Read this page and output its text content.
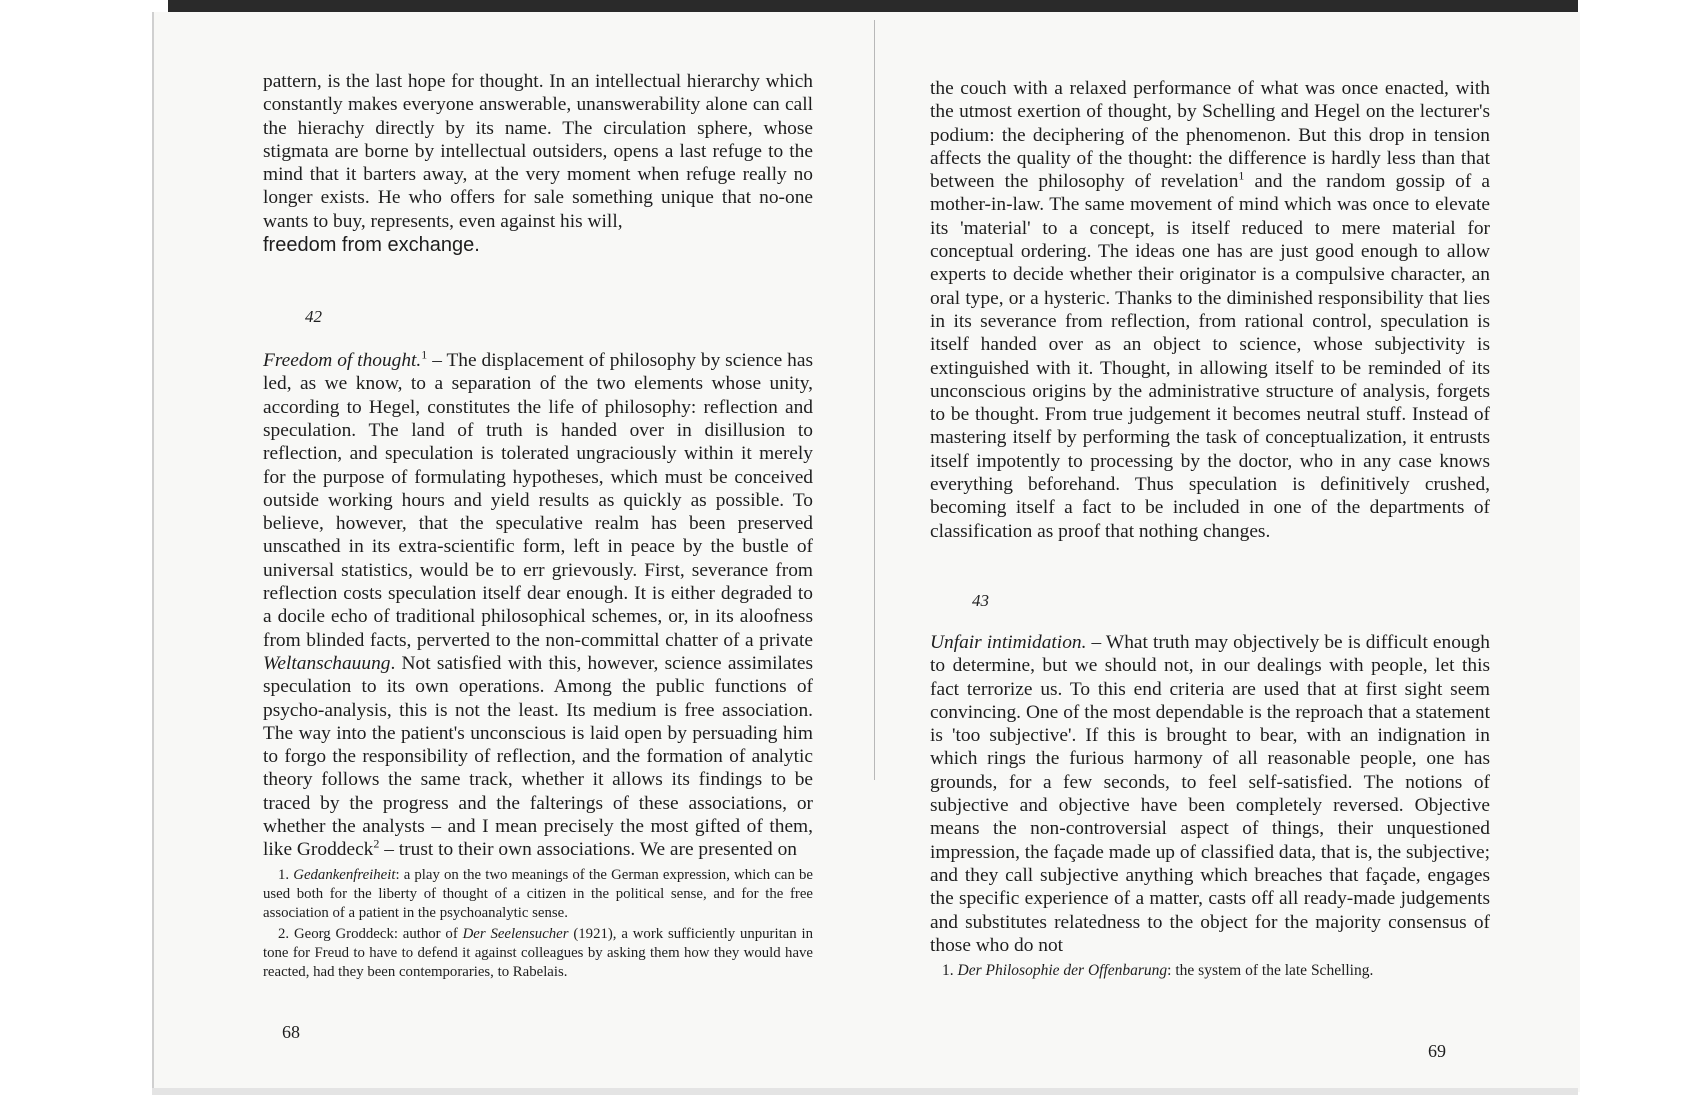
pattern, is the last hope for thought. In an intellectual hierarchy which constantly makes everyone answerable, unanswerability alone can call the hierachy directly by its name. The circulation sphere, whose stigmata are borne by intellectual outsiders, opens a last refuge to the mind that it barters away, at the very moment when refuge really no longer exists. He who offers for sale something unique that no-one wants to buy, represents, even against his will,

freedom from exchange.

42

Freedom of thought.$^1$ – The displacement of philosophy by science has led, as we know, to a separation of the two elements whose unity, according to Hegel, constitutes the life of philosophy: reflection and speculation. The land of truth is handed over in disillusion to reflection, and speculation is tolerated ungraciously within it merely for the purpose of formulating hypotheses, which must be conceived outside working hours and yield results as quickly as possible. To believe, however, that the speculative realm has been preserved unscathed in its extra-scientific form, left in peace by the bustle of universal statistics, would be to err grievously. First, severance from reflection costs speculation itself dear enough. It is either degraded to a docile echo of traditional philosophical schemes, or, in its aloofness from blinded facts, perverted to the non-committal chatter of a private Weltanschauung. Not satisfied with this, however, science assimilates speculation to its own operations. Among the public functions of psycho-analysis, this is not the least. Its medium is free association. The way into the patient's unconscious is laid open by persuading him to forgo the responsibility of reflection, and the formation of analytic theory follows the same track, whether it allows its findings to be traced by the progress and the falterings of these associations, or whether the analysts – and I mean precisely the most gifted of them, like Groddeck$^2$ – trust to their own associations. We are presented on

1. Gedankenfreiheit: a play on the two meanings of the German expression, which can be used both for the liberty of thought of a citizen in the political sense, and for the free association of a patient in the psychoanalytic sense.

2. Georg Groddeck: author of Der Seelensucher (1921), a work sufficiently unpuritan in tone for Freud to have to defend it against colleagues by asking them how they would have reacted, had they been contemporaries, to Rabelais.

68

the couch with a relaxed performance of what was once enacted, with the utmost exertion of thought, by Schelling and Hegel on the lecturer's podium: the deciphering of the phenomenon. But this drop in tension affects the quality of the thought: the difference is hardly less than that between the philosophy of revelation$^1$ and the random gossip of a mother-in-law. The same movement of mind which was once to elevate its 'material' to a concept, is itself reduced to mere material for conceptual ordering. The ideas one has are just good enough to allow experts to decide whether their originator is a compulsive character, an oral type, or a hysteric. Thanks to the diminished responsibility that lies in its severance from reflection, from rational control, speculation is itself handed over as an object to science, whose subjectivity is extinguished with it. Thought, in allowing itself to be reminded of its unconscious origins by the administrative structure of analysis, forgets to be thought. From true judgement it becomes neutral stuff. Instead of mastering itself by performing the task of conceptualization, it entrusts itself impotently to processing by the doctor, who in any case knows everything beforehand. Thus speculation is definitively crushed, becoming itself a fact to be included in one of the departments of classification as proof that nothing changes.

43

Unfair intimidation. – What truth may objectively be is difficult enough to determine, but we should not, in our dealings with people, let this fact terrorize us. To this end criteria are used that at first sight seem convincing. One of the most dependable is the reproach that a statement is 'too subjective'. If this is brought to bear, with an indignation in which rings the furious harmony of all reasonable people, one has grounds, for a few seconds, to feel self-satisfied. The notions of subjective and objective have been completely reversed. Objective means the non-controversial aspect of things, their unquestioned impression, the façade made up of classified data, that is, the subjective; and they call subjective anything which breaches that façade, engages the specific experience of a matter, casts off all ready-made judgements and substitutes relatedness to the object for the majority consensus of those who do not

1. Der Philosophie der Offenbarung: the system of the late Schelling.

69
